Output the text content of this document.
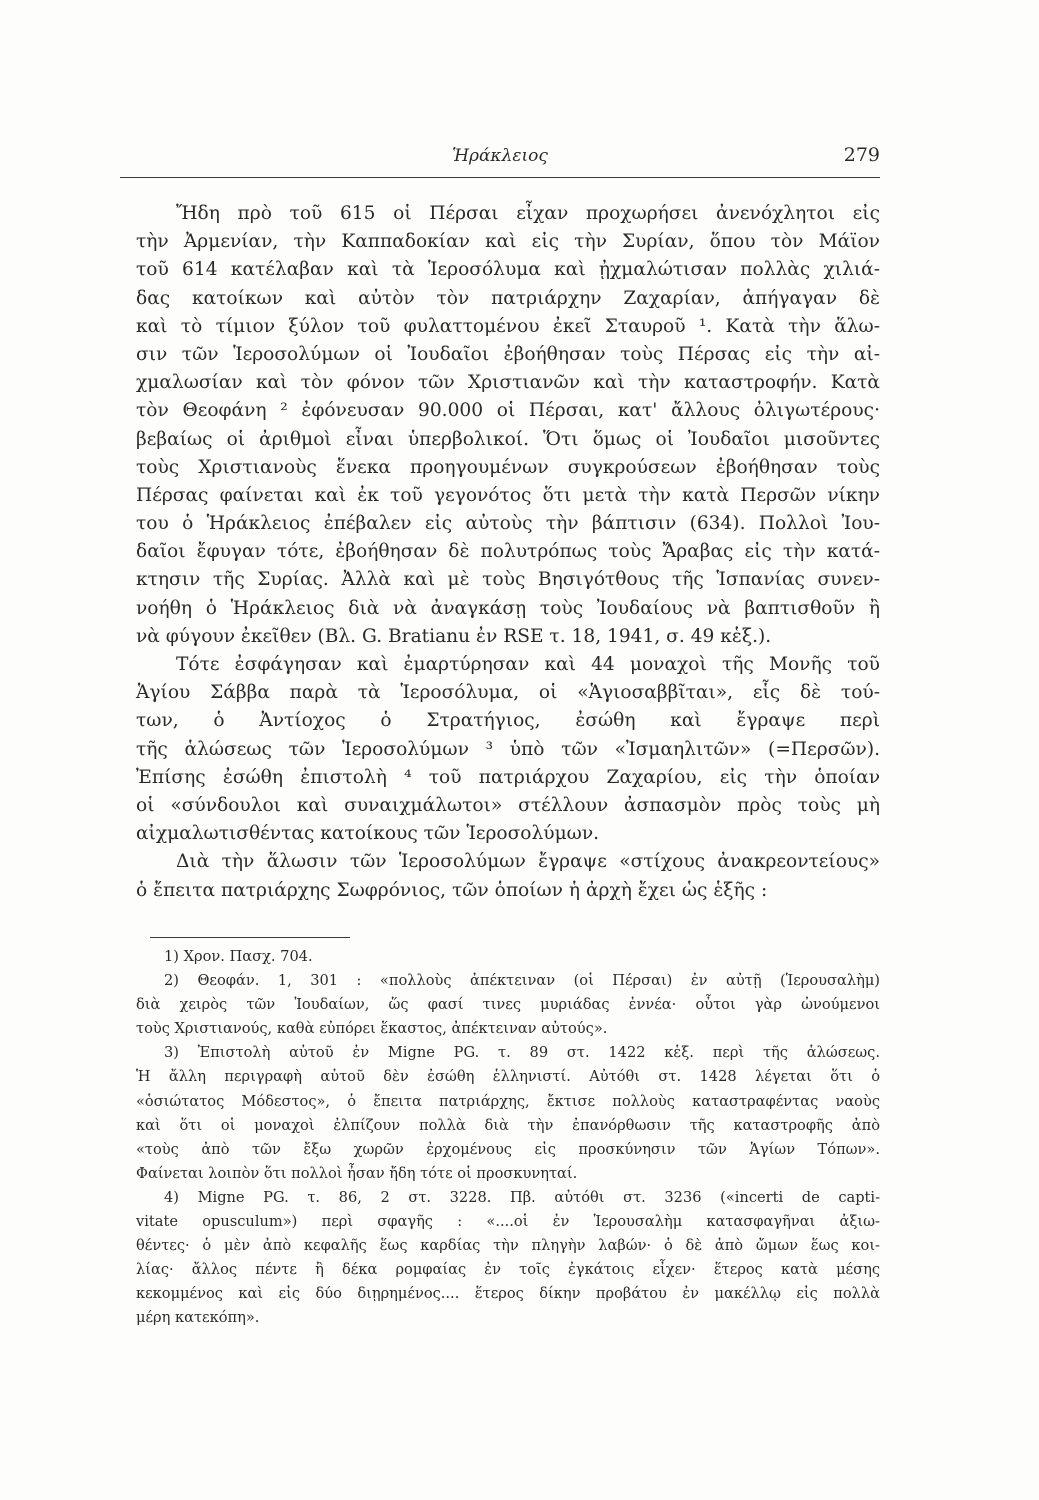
Ἡράκλειος	279
Ἤδη πρὸ τοῦ 615 οἱ Πέρσαι εἶχαν προχωρήσει ἀνενόχλητοι εἰς
τὴν Ἀρμενίαν, τὴν Καππαδοκίαν καὶ εἰς τὴν Συρίαν, ὅπου τὸν Μάϊον
τοῦ 614 κατέλαβαν καὶ τὰ Ἱεροσόλυμα καὶ ᾐχμαλώτισαν πολλὰς χιλιά-
δας κατοίκων καὶ αὐτὸν τὸν πατριάρχην Ζαχαρίαν, ἀπήγαγαν δὲ
καὶ τὸ τίμιον ξύλον τοῦ φυλαττομένου ἐκεῖ Σταυροῦ ¹. Κατὰ τὴν ἅλω-
σιν τῶν Ἱεροσολύμων οἱ Ἰουδαῖοι ἐβοήθησαν τοὺς Πέρσας εἰς τὴν αἰ-
χμαλωσίαν καὶ τὸν φόνον τῶν Χριστιανῶν καὶ τὴν καταστροφήν. Κατὰ
τὸν Θεοφάνη ² ἐφόνευσαν 90.000 οἱ Πέρσαι, κατ' ἄλλους ὀλιγωτέρους·
βεβαίως οἱ ἀριθμοὶ εἶναι ὑπερβολικοί. Ὅτι ὅμως οἱ Ἰουδαῖοι μισοῦντες
τοὺς Χριστιανοὺς ἕνεκα προηγουμένων συγκρούσεων ἐβοήθησαν τοὺς
Πέρσας φαίνεται καὶ ἐκ τοῦ γεγονότος ὅτι μετὰ τὴν κατὰ Περσῶν νίκην
του ὁ Ἡράκλειος ἐπέβαλεν εἰς αὐτοὺς τὴν βάπτισιν (634). Πολλοὶ Ἰου-
δαῖοι ἔφυγαν τότε, ἐβοήθησαν δὲ πολυτρόπως τοὺς Ἄραβας εἰς τὴν κατά-
κτησιν τῆς Συρίας. Ἀλλὰ καὶ μὲ τοὺς Βησιγότθους τῆς Ἱσπανίας συνεν-
νοήθη ὁ Ἡράκλειος διὰ νὰ ἀναγκάσῃ τοὺς Ἰουδαίους νὰ βαπτισθοῦν ἢ
νὰ φύγουν ἐκεῖθεν (Βλ. G. Bratianu ἐν RSE τ. 18, 1941, σ. 49 κἑξ.).
Τότε ἐσφάγησαν καὶ ἐμαρτύρησαν καὶ 44 μοναχοὶ τῆς Μονῆς τοῦ
Ἁγίου Σάββα παρὰ τὰ Ἱεροσόλυμα, οἱ «Ἁγιοσαββῖται», εἷς δὲ τού-
των, ὁ Ἀντίοχος ὁ Στρατήγιος, ἐσώθη καὶ ἔγραψε περὶ
τῆς ἁλώσεως τῶν Ἱεροσολύμων ³ ὑπὸ τῶν «Ἰσμαηλιτῶν» (=Περσῶν).
Ἐπίσης ἐσώθη ἐπιστολὴ ⁴ τοῦ πατριάρχου Ζαχαρίου, εἰς τὴν ὁποίαν
οἱ «σύνδουλοι καὶ συναιχμάλωτοι» στέλλουν ἀσπασμὸν πρὸς τοὺς μὴ
αἰχμαλωτισθέντας κατοίκους τῶν Ἱεροσολύμων.
Διὰ τὴν ἅλωσιν τῶν Ἱεροσολύμων ἔγραψε «στίχους ἀνακρεοντείους»
ὁ ἔπειτα πατριάρχης Σωφρόνιος, τῶν ὁποίων ἡ ἀρχὴ ἔχει ὡς ἑξῆς :
1) Χρον. Πασχ. 704.
2) Θεοφάν. 1, 301 : «πολλοὺς ἀπέκτειναν (οἱ Πέρσαι) ἐν αὐτῇ (Ἱερουσαλὴμ)
διὰ χειρὸς τῶν Ἰουδαίων, ὥς φασί τινες μυριάδας ἐννέα· οὗτοι γὰρ ὠνούμενοι
τοὺς Χριστιανούς, καθὰ εὐπόρει ἕκαστος, ἀπέκτειναν αὐτούς».
3) Ἐπιστολὴ αὐτοῦ ἐν Migne PG. τ. 89 στ. 1422 κἑξ. περὶ τῆς ἁλώσεως.
Ἡ ἄλλη περιγραφὴ αὐτοῦ δὲν ἐσώθη ἑλληνιστί. Αὐτόθι στ. 1428 λέγεται ὅτι ὁ
«ὁσιώτατος Μόδεστος», ὁ ἔπειτα πατριάρχης, ἔκτισε πολλοὺς καταστραφέντας ναοὺς
καὶ ὅτι οἱ μοναχοὶ ἐλπίζουν πολλὰ διὰ τὴν ἐπανόρθωσιν τῆς καταστροφῆς ἀπὸ
«τοὺς ἀπὸ τῶν ἔξω χωρῶν ἐρχομένους εἰς προσκύνησιν τῶν Ἁγίων Τόπων».
Φαίνεται λοιπὸν ὅτι πολλοὶ ἦσαν ἤδη τότε οἱ προσκυνηταί.
4) Migne PG. τ. 86, 2 στ. 3228. Πβ. αὐτόθι στ. 3236 («incerti de capti-
vitate opusculum») περὶ σφαγῆς : «....οἱ ἐν Ἱερουσαλὴμ κατασφαγῆναι ἀξιω-
θέντες· ὁ μὲν ἀπὸ κεφαλῆς ἕως καρδίας τὴν πληγὴν λαβών· ὁ δὲ ἀπὸ ὤμων ἕως κοι-
λίας· ἄλλος πέντε ἢ δέκα ρομφαίας ἐν τοῖς ἐγκάτοις εἶχεν· ἕτερος κατὰ μέσης
κεκομμένος καὶ εἰς δύο διῃρημένος.... ἕτερος δίκην προβάτου ἐν μακέλλῳ εἰς πολλὰ
μέρη κατεκόπη».
